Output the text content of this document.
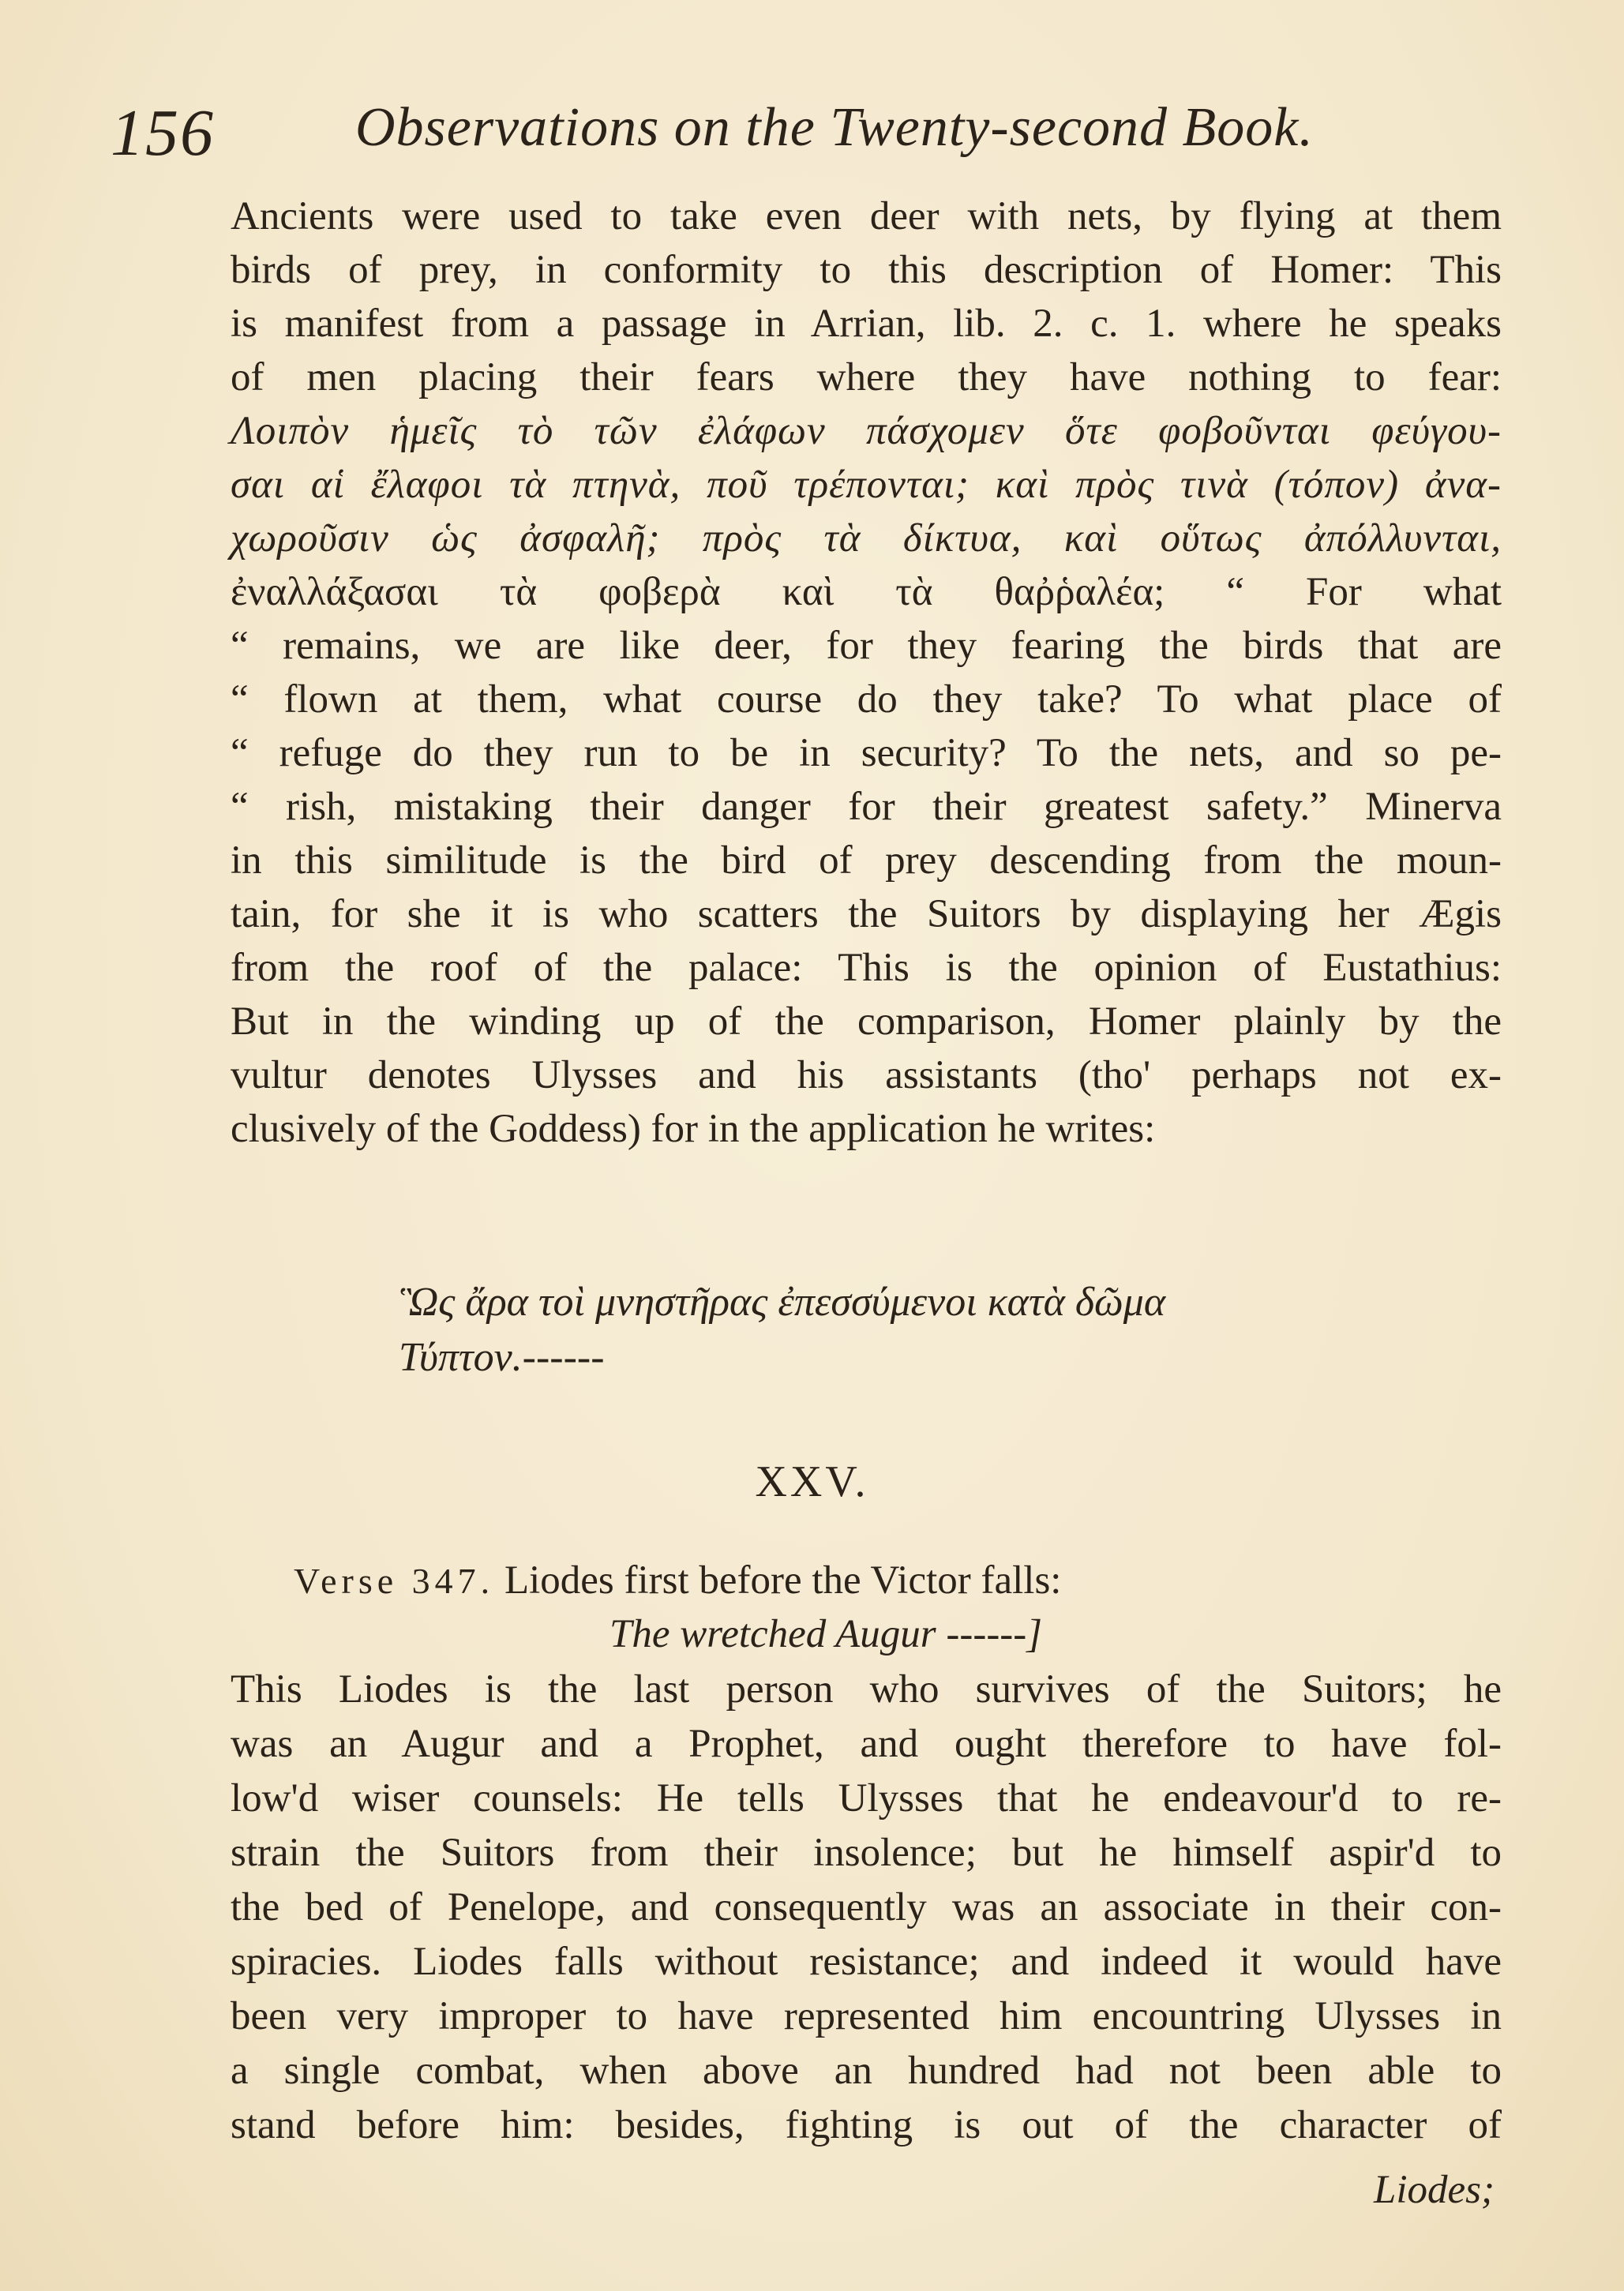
156	Observations on the Twenty-second Book.
Ancients were used to take even deer with nets, by flying at them
birds of prey, in conformity to this description of Homer: This
is manifest from a passage in Arrian, lib. 2. c. 1. where he speaks
of men placing their fears where they have nothing to fear:
Λοιπὸν ἡμεῖς τὸ τῶν ἐλάφων πάσχομεν ὅτε φοβοῦνται φεύγου-
σαι αἱ ἔλαφοι τὰ πτηνὰ, ποῦ τρέπονται; καὶ πρὸς τινὰ (τόπον) ἀνα-
χωροῦσιν ὡς ἀσφαλῆ; πρὸς τὰ δίκτυα, καὶ οὕτως ἀπόλλυνται,
ἐναλλάξασαι τὰ φοβερὰ καὶ τὰ θαῤῥαλέα; “ For what
“ remains, we are like deer, for they fearing the birds that are
“ flown at them, what course do they take? To what place of
“ refuge do they run to be in security? To the nets, and so pe-
“ rish, mistaking their danger for their greatest safety.” Minerva
in this similitude is the bird of prey descending from the moun-
tain, for she it is who scatters the Suitors by displaying her Ægis
from the roof of the palace: This is the opinion of Eustathius:
But in the winding up of the comparison, Homer plainly by the
vultur denotes Ulysses and his assistants (tho' perhaps not ex-
clusively of the Goddess) for in the application he writes:
Ὣς ἄρα τοὶ μνηστῆρας ἐπεσσύμενοι κατὰ δῶμα
Τύπτον.------
XXV.
Verse 347. Liodes first before the Victor falls:
The wretched Augur ------]
This Liodes is the last person who survives of the Suitors; he
was an Augur and a Prophet, and ought therefore to have fol-
low'd wiser counsels: He tells Ulysses that he endeavour'd to re-
strain the Suitors from their insolence; but he himself aspir'd to
the bed of Penelope, and consequently was an associate in their con-
spiracies. Liodes falls without resistance; and indeed it would have
been very improper to have represented him encountring Ulysses in
a single combat, when above an hundred had not been able to
stand before him: besides, fighting is out of the character of
Liodes;
